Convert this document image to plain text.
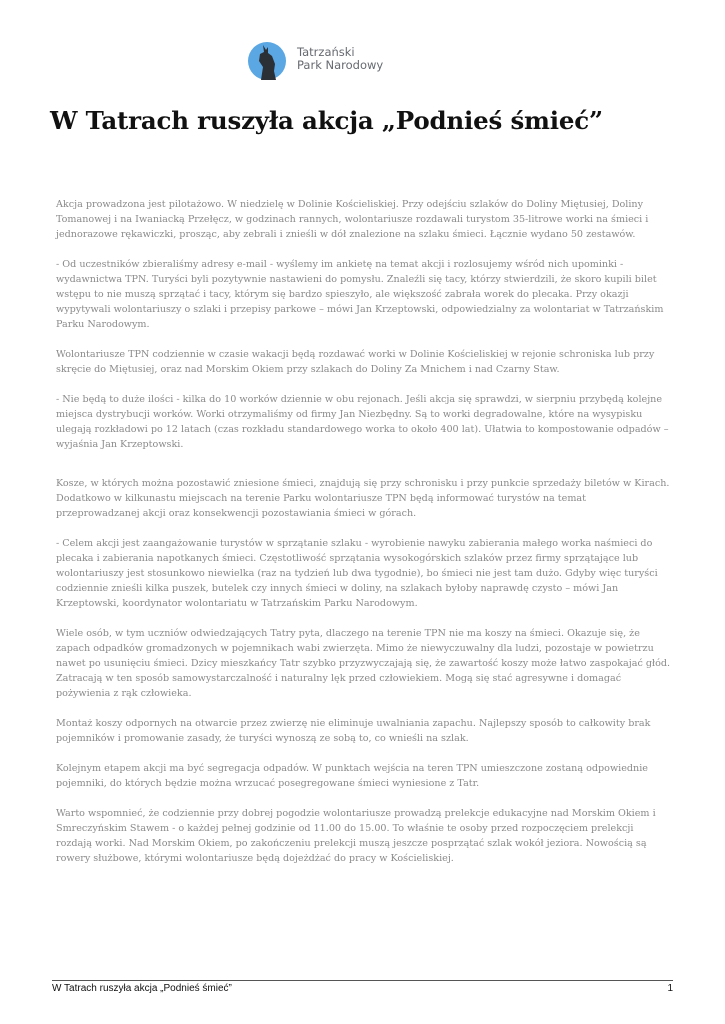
Tatrzański
Park Narodowy
W Tatrach ruszyła akcja „Podnieś śmieć”

Akcja prowadzona jest pilotażowo. W niedzielę w Dolinie Kościeliskiej. Przy odejściu szlaków do Doliny Miętusiej, Doliny Tomanowej i na Iwaniacką Przełęcz, w godzinach rannych, wolontariusze rozdawali turystom 35-litrowe worki na śmieci i jednorazowe rękawiczki, prosząc, aby zebrali i znieśli w dół znalezione na szlaku śmieci. Łącznie wydano 50 zestawów.

- Od uczestników zbieraliśmy adresy e-mail - wyślemy im ankietę na temat akcji i rozlosujemy wśród nich upominki - wydawnictwa TPN. Turyści byli pozytywnie nastawieni do pomysłu. Znaleźli się tacy, którzy stwierdzili, że skoro kupili bilet wstępu to nie muszą sprzątać i tacy, którym się bardzo spieszyło, ale większość zabrała worek do plecaka. Przy okazji wypytywali wolontariuszy o szlaki i przepisy parkowe – mówi Jan Krzeptowski, odpowiedzialny za wolontariat w Tatrzańskim Parku Narodowym.

Wolontariusze TPN codziennie w czasie wakacji będą rozdawać worki w Dolinie Kościeliskiej w rejonie schroniska lub przy skręcie do Miętusiej, oraz nad Morskim Okiem przy szlakach do Doliny Za Mnichem i nad Czarny Staw.

- Nie będą to duże ilości - kilka do 10 worków dziennie w obu rejonach. Jeśli akcja się sprawdzi, w sierpniu przybędą kolejne miejsca dystrybucji worków. Worki otrzymaliśmy od firmy Jan Niezbędny. Są to worki degradowalne, które na wysypisku ulegają rozkładowi po 12 latach (czas rozkładu standardowego worka to około 400 lat). Ułatwia to kompostowanie odpadów – wyjaśnia Jan Krzeptowski.

Kosze, w których można pozostawić zniesione śmieci, znajdują się przy schronisku i przy punkcie sprzedaży biletów w Kirach. Dodatkowo w kilkunastu miejscach na terenie Parku wolontariusze TPN będą informować turystów na temat przeprowadzanej akcji oraz konsekwencji pozostawiania śmieci w górach.

- Celem akcji jest zaangażowanie turystów w sprzątanie szlaku - wyrobienie nawyku zabierania małego worka naśmieci do plecaka i zabierania napotkanych śmieci. Częstotliwość sprzątania wysokogórskich szlaków przez firmy sprzątające lub wolontariuszy jest stosunkowo niewielka (raz na tydzień lub dwa tygodnie), bo śmieci nie jest tam dużo. Gdyby więc turyści codziennie znieśli kilka puszek, butelek czy innych śmieci w doliny, na szlakach byłoby naprawdę czysto – mówi Jan Krzeptowski, koordynator wolontariatu w Tatrzańskim Parku Narodowym.

Wiele osób, w tym uczniów odwiedzających Tatry pyta, dlaczego na terenie TPN nie ma koszy na śmieci. Okazuje się, że zapach odpadków gromadzonych w pojemnikach wabi zwierzęta. Mimo że niewyczuwalny dla ludzi, pozostaje w powietrzu nawet po usunięciu śmieci. Dzicy mieszkańcy Tatr szybko przyzwyczajają się, że zawartość koszy może łatwo zaspokajać głód. Zatracają w ten sposób samowystarczalność i naturalny lęk przed człowiekiem. Mogą się stać agresywne i domagać pożywienia z rąk człowieka.

Montaż koszy odpornych na otwarcie przez zwierzę nie eliminuje uwalniania zapachu. Najlepszy sposób to całkowity brak pojemników i promowanie zasady, że turyści wynoszą ze sobą to, co wnieśli na szlak.

Kolejnym etapem akcji ma być segregacja odpadów. W punktach wejścia na teren TPN umieszczone zostaną odpowiednie pojemniki, do których będzie można wrzucać posegregowane śmieci wyniesione z Tatr.

Warto wspomnieć, że codziennie przy dobrej pogodzie wolontariusze prowadzą prelekcje edukacyjne nad Morskim Okiem i Smreczyńskim Stawem - o każdej pełnej godzinie od 11.00 do 15.00. To właśnie te osoby przed rozpoczęciem prelekcji rozdają worki. Nad Morskim Okiem, po zakończeniu prelekcji muszą jeszcze posprzątać szlak wokół jeziora. Nowością są rowery służbowe, którymi wolontariusze będą dojeżdżać do pracy w Kościeliskiej.

W Tatrach ruszyła akcja „Podnieś śmieć”	1
